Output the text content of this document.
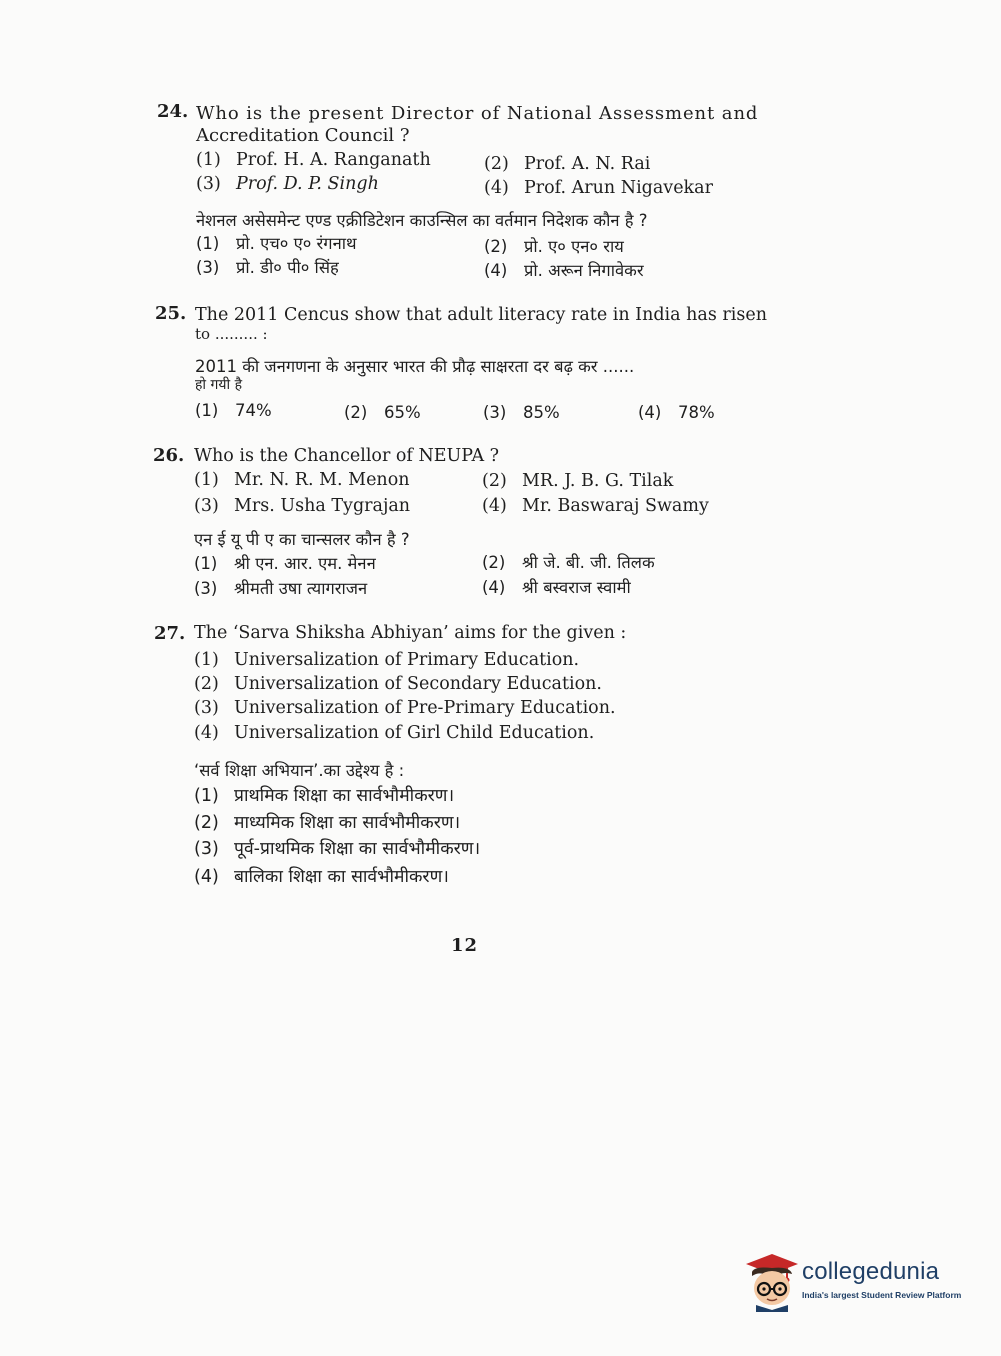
24. Who is the present Director of National Assessment and
Accreditation Council ?
(1) Prof. H. A. Ranganath	(2) Prof. A. N. Rai
(3) Prof. D. P. Singh	(4) Prof. Arun Nigavekar
नेशनल असेसमेन्ट एण्ड एक्रीडिटेशन काउन्सिल का वर्तमान निदेशक कौन है ?
(1) प्रो. एच० ए० रंगनाथ	(2) प्रो. ए० एन० राय
(3) प्रो. डी० पी० सिंह	(4) प्रो. अरून निगावेकर
25. The 2011 Cencus show that adult literacy rate in India has risen
to ......... :
2011 की जनगणना के अनुसार भारत की प्रौढ़ साक्षरता दर बढ़ कर ......
हो गयी है
(1) 74%	(2) 65%	(3) 85%	(4) 78%
26. Who is the Chancellor of NEUPA ?
(1) Mr. N. R. M. Menon	(2) MR. J. B. G. Tilak
(3) Mrs. Usha Tygrajan	(4) Mr. Baswaraj Swamy
एन ई यू पी ए का चान्सलर कौन है ?
(1) श्री एन. आर. एम. मेनन	(2) श्री जे. बी. जी. तिलक
(3) श्रीमती उषा त्यागराजन	(4) श्री बस्वराज स्वामी
27. The ‘Sarva Shiksha Abhiyan’ aims for the given :
(1) Universalization of Primary Education.
(2) Universalization of Secondary Education.
(3) Universalization of Pre-Primary Education.
(4) Universalization of Girl Child Education.
‘सर्व शिक्षा अभियान’.का उद्देश्य है :
(1) प्राथमिक शिक्षा का सार्वभौमीकरण।
(2) माध्यमिक शिक्षा का सार्वभौमीकरण।
(3) पूर्व-प्राथमिक शिक्षा का सार्वभौमीकरण।
(4) बालिका शिक्षा का सार्वभौमीकरण।
12
collegedunia
India's largest Student Review Platform
